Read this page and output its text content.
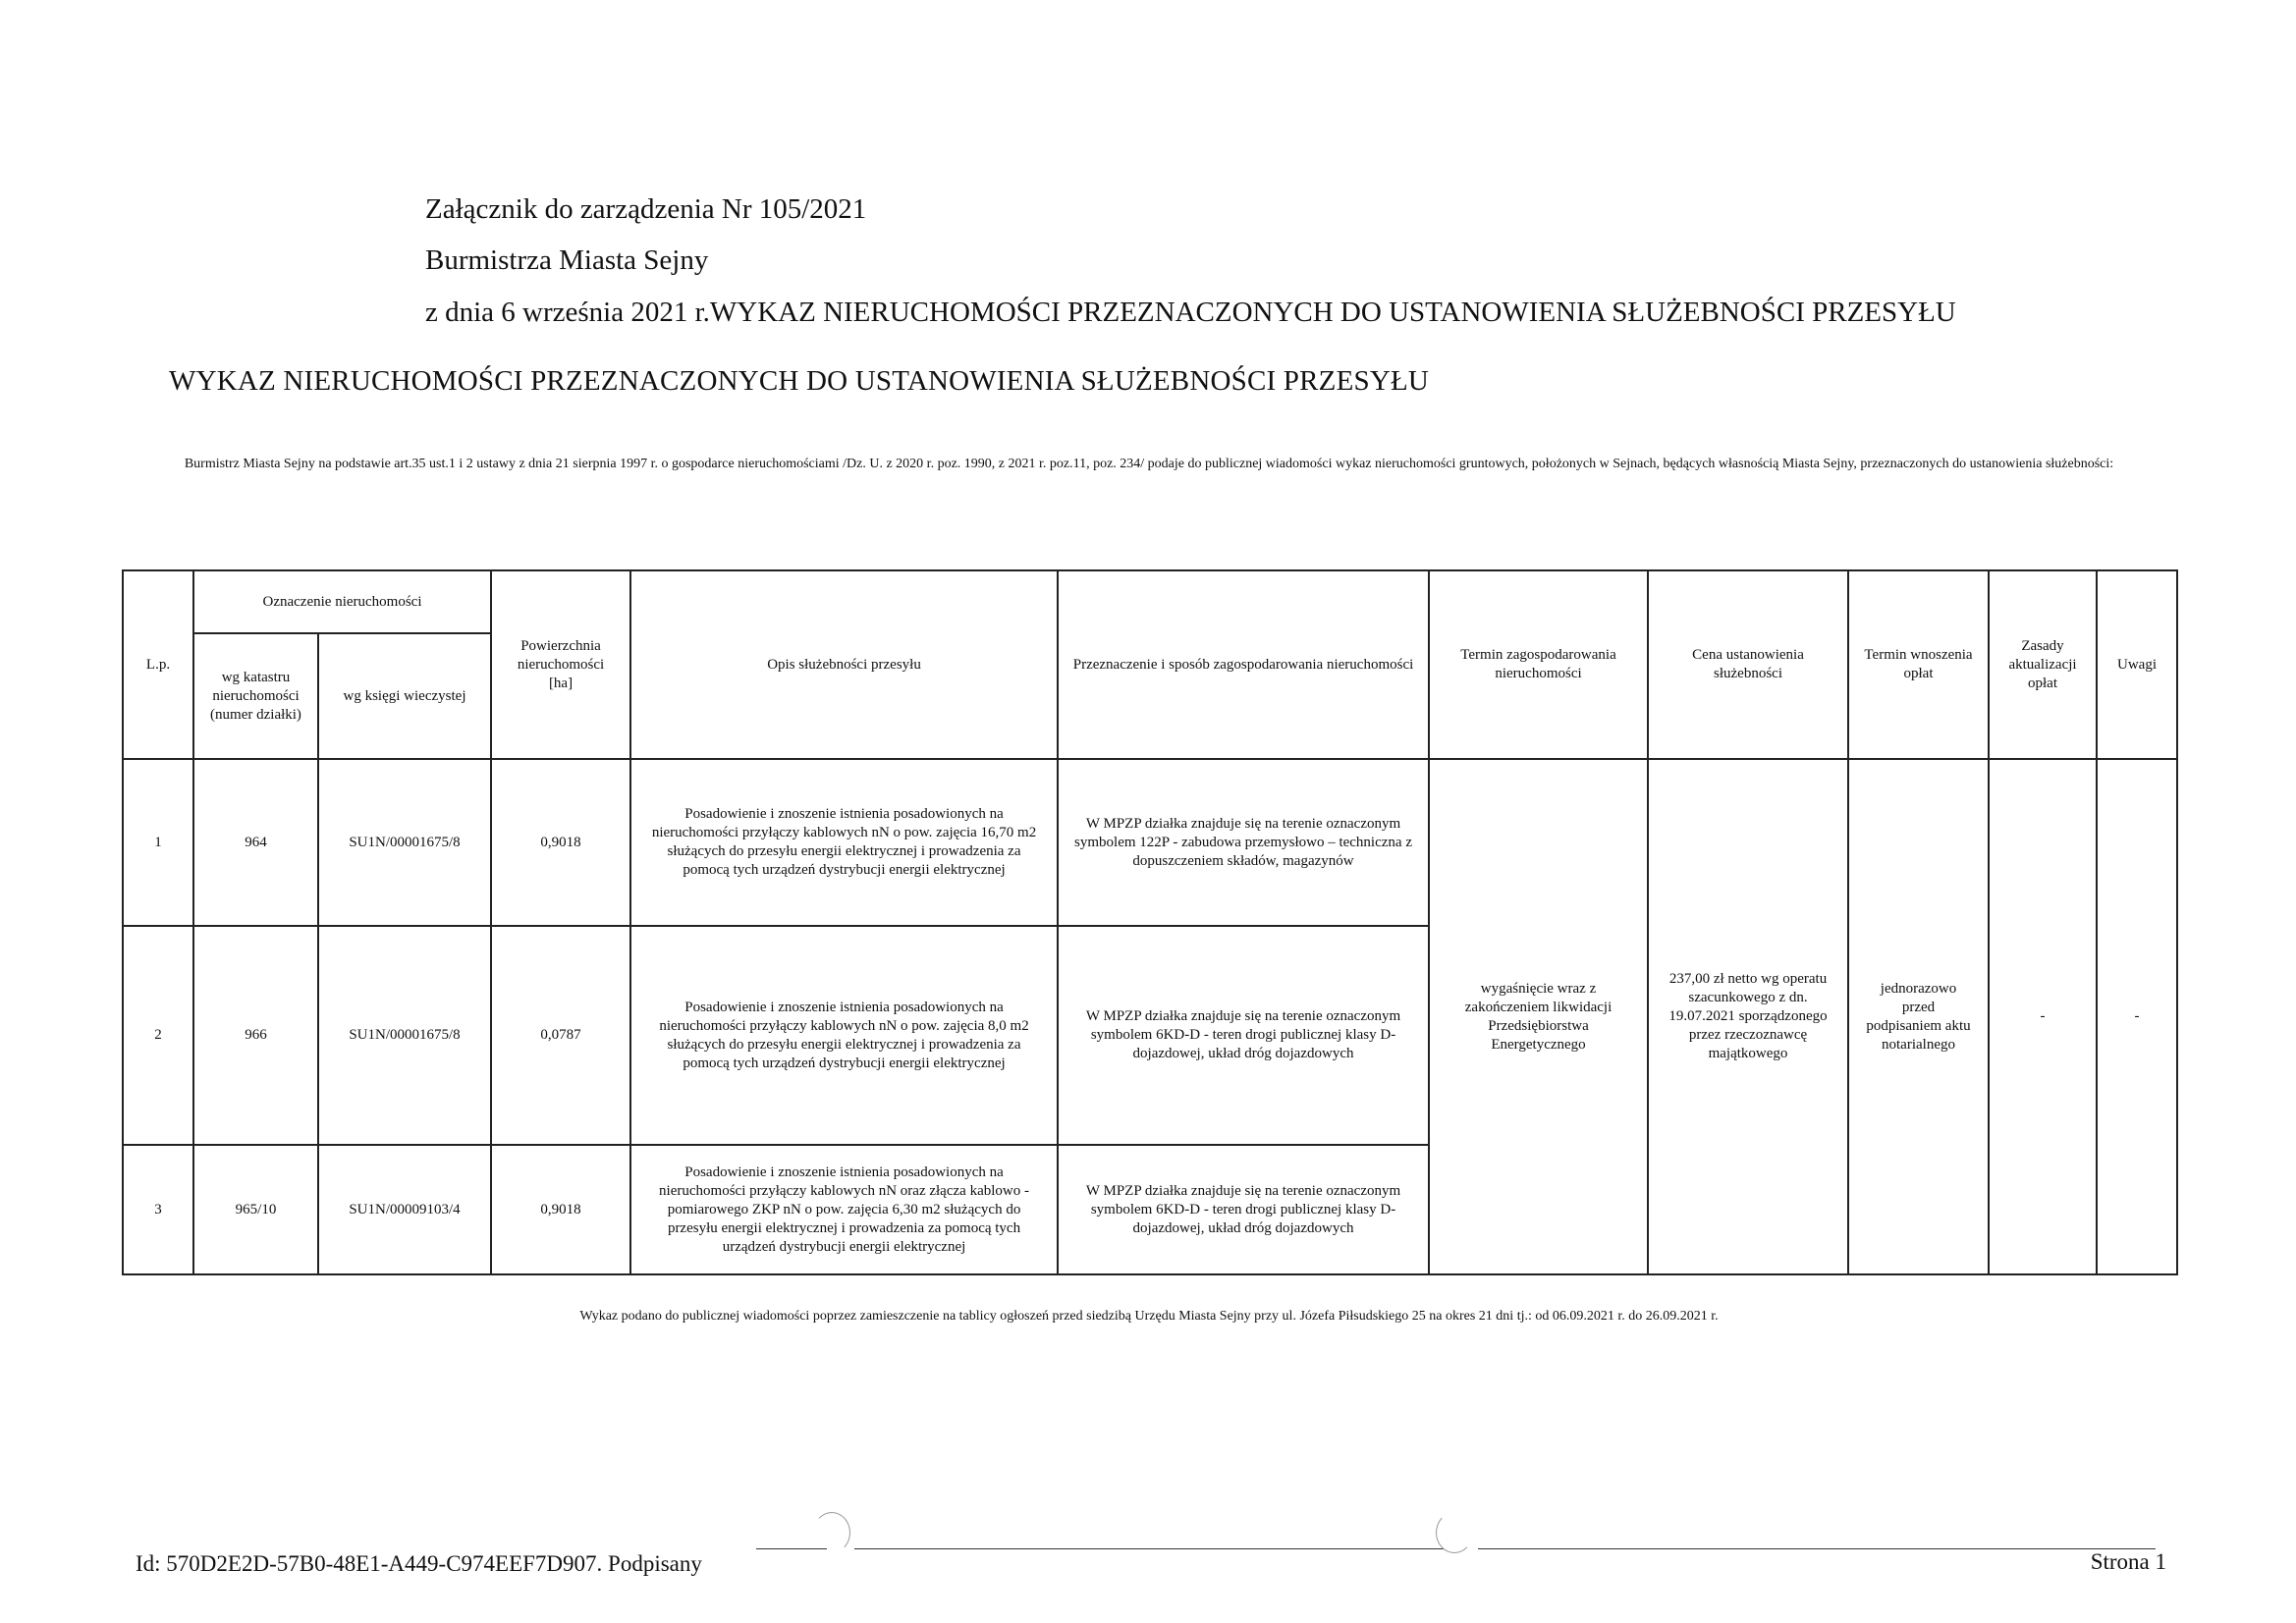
Załącznik do zarządzenia Nr 105/2021
Burmistrza Miasta Sejny
z dnia 6 września 2021 r.WYKAZ NIERUCHOMOŚCI PRZEZNACZONYCH DO USTANOWIENIA SŁUŻEBNOŚCI PRZESYŁU
WYKAZ NIERUCHOMOŚCI PRZEZNACZONYCH DO USTANOWIENIA SŁUŻEBNOŚCI PRZESYŁU
Burmistrz Miasta Sejny na podstawie art.35 ust.1 i 2 ustawy z dnia 21 sierpnia 1997 r. o gospodarce nieruchomościami /Dz. U. z 2020 r. poz. 1990, z 2021 r. poz.11, poz. 234/ podaje do publicznej wiadomości wykaz nieruchomości gruntowych, położonych w Sejnach, będących własnością Miasta Sejny, przeznaczonych do ustanowienia służebności:
L.p.	Oznaczenie nieruchomości		Powierzchnia nieruchomości [ha]	Opis służebności przesyłu	Przeznaczenie i sposób zagospodarowania nieruchomości	Termin zagospodarowania nieruchomości	Cena ustanowienia służebności	Termin wnoszenia opłat	Zasady aktualizacji opłat	Uwagi
	wg katastru nieruchomości (numer działki)	wg księgi wieczystej								
1	964	SU1N/00001675/8	0,9018	Posadowienie i znoszenie istnienia posadowionych na nieruchomości przyłączy kablowych nN o pow. zajęcia 16,70 m2 służących do przesyłu energii elektrycznej i prowadzenia za pomocą tych urządzeń dystrybucji energii elektrycznej	W MPZP działka znajduje się na terenie oznaczonym symbolem 122P - zabudowa przemysłowo – techniczna z dopuszczeniem składów, magazynów	wygaśnięcie wraz z zakończeniem likwidacji Przedsiębiorstwa Energetycznego	237,00 zł netto wg operatu szacunkowego z dn. 19.07.2021 sporządzonego przez rzeczoznawcę majątkowego	jednorazowo przed podpisaniem aktu notarialnego	-	-
2	966	SU1N/00001675/8	0,0787	Posadowienie i znoszenie istnienia posadowionych na nieruchomości przyłączy kablowych nN o pow. zajęcia 8,0 m2 służących do przesyłu energii elektrycznej i prowadzenia za pomocą tych urządzeń dystrybucji energii elektrycznej	W MPZP działka znajduje się na terenie oznaczonym symbolem 6KD-D - teren drogi publicznej klasy D-dojazdowej, układ dróg dojazdowych					
3	965/10	SU1N/00009103/4	0,9018	Posadowienie i znoszenie istnienia posadowionych na nieruchomości przyłączy kablowych nN oraz złącza kablowo - pomiarowego ZKP nN o pow. zajęcia 6,30 m2 służących do przesyłu energii elektrycznej i prowadzenia za pomocą tych urządzeń dystrybucji energii elektrycznej	W MPZP działka znajduje się na terenie oznaczonym symbolem 6KD-D - teren drogi publicznej klasy D-dojazdowej, układ dróg dojazdowych					
Wykaz podano do publicznej wiadomości poprzez zamieszczenie na tablicy ogłoszeń przed siedzibą Urzędu Miasta Sejny przy ul. Józefa Piłsudskiego 25 na okres 21 dni tj.: od 06.09.2021 r. do 26.09.2021 r.
Id: 570D2E2D-57B0-48E1-A449-C974EEF7D907. Podpisany	Strona 1
